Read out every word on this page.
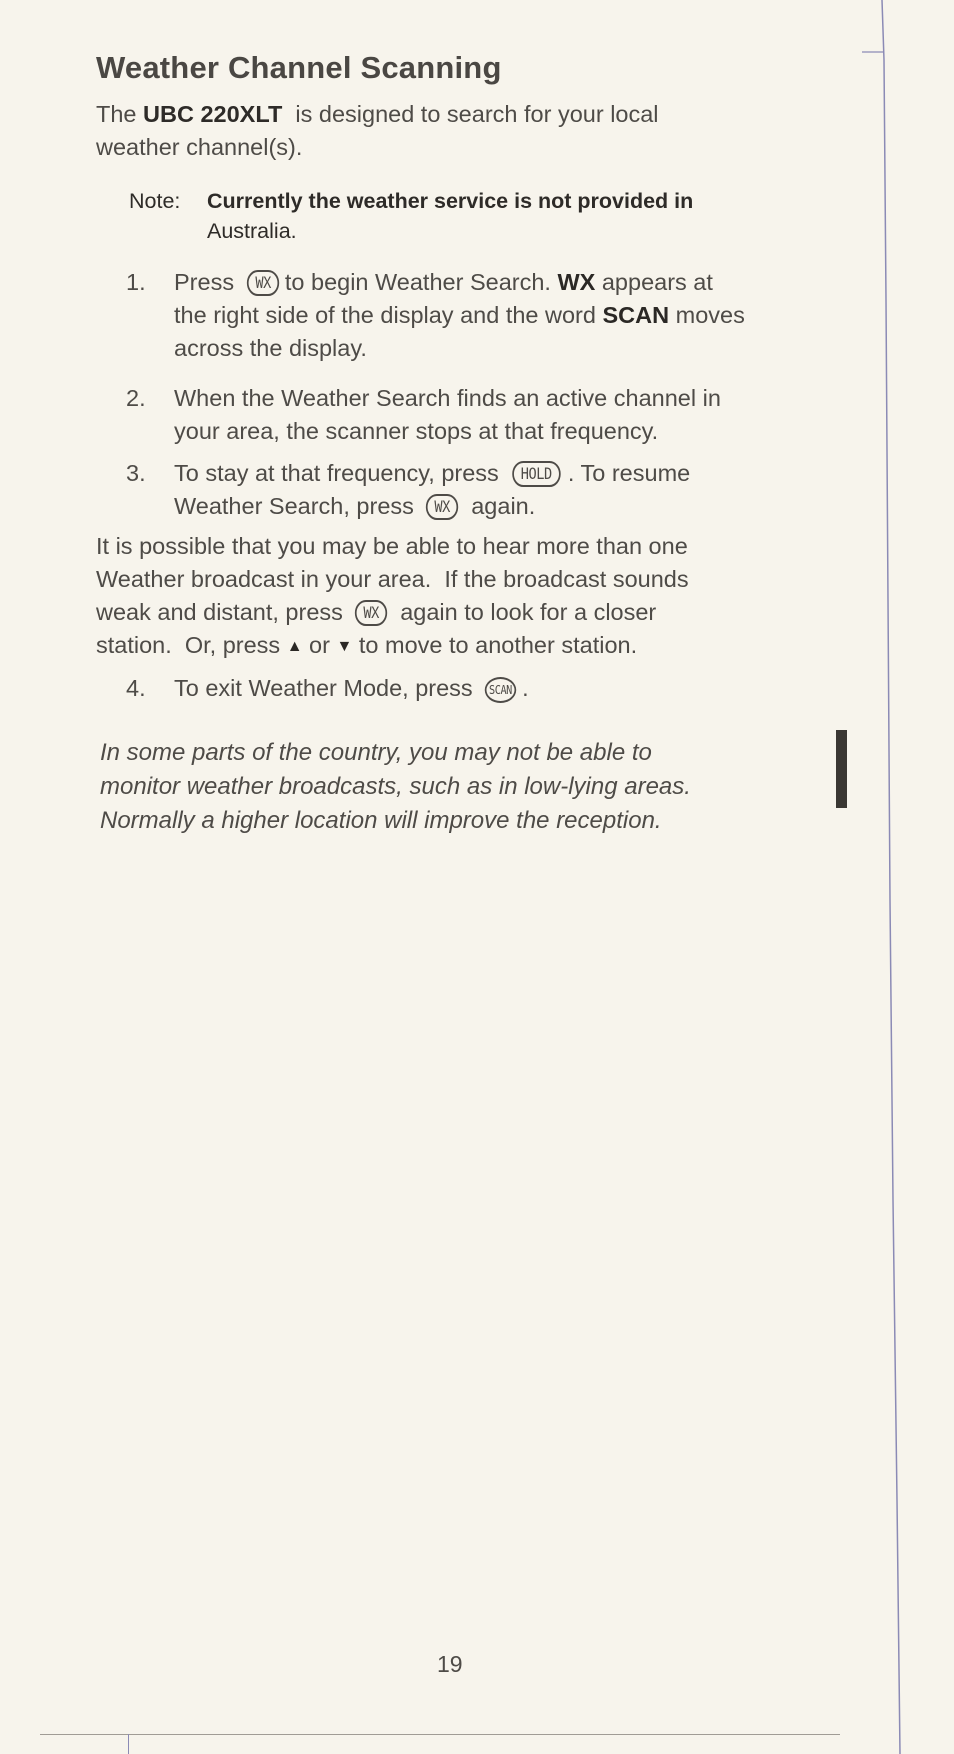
Weather Channel Scanning
The UBC 220XLT  is designed to search for your local
weather channel(s).
Note: Currently the weather service is not provided in

Australia.
1.	Press WX to begin Weather Search. WX appears at
the right side of the display and the word SCAN moves
across the display.
2.	When the Weather Search finds an active channel in
your area, the scanner stops at that frequency.
3.	To stay at that frequency, press HOLD . To resume
Weather Search, press WX again.
It is possible that you may be able to hear more than one
Weather broadcast in your area.  If the broadcast sounds
weak and distant, press WX again to look for a closer
station.  Or, press ▲ or ▼ to move to another station.
4.	To exit Weather Mode, press SCAN .
In some parts of the country, you may not be able to
monitor weather broadcasts, such as in low-lying areas.
Normally a higher location will improve the reception.
19
